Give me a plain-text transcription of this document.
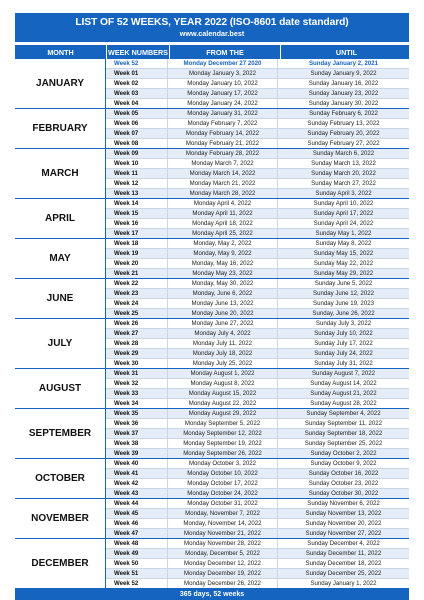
LIST OF 52 WEEKS, YEAR 2022 (ISO-8601 date standard)
www.calendar.best
MONTH	WEEK NUMBERS	FROM THE	UNTIL
JANUARY
Week 52	Monday December 27 2020	Sunday January 2, 2021
Week 01	Monday January 3, 2022	Sunday January 9, 2022
Week 02	Monday January 10, 2022	Sunday January 16, 2022
Week 03	Monday January 17, 2022	Sunday January 23, 2022
Week 04	Monday January 24, 2022	Sunday January 30, 2022
FEBRUARY
Week 05	Monday January 31, 2022	Sunday February 6, 2022
Week 06	Monday February 7, 2022	Sunday February 13, 2022
Week 07	Monday February 14, 2022	Sunday February 20, 2022
Week 08	Monday February 21, 2022	Sunday February 27, 2022
MARCH
Week 09	Monday February 28, 2022	Sunday March 6, 2022
Week 10	Monday March 7, 2022	Sunday March 13, 2022
Week 11	Monday March 14, 2022	Sunday March 20, 2022
Week 12	Monday March 21, 2022	Sunday March 27, 2022
Week 13	Monday March 28, 2022	Sunday April 3, 2022
APRIL
Week 14	Monday April 4, 2022	Sunday April 10, 2022
Week 15	Monday April 11, 2022	Sunday April 17, 2022
Week 16	Monday April 18, 2022	Sunday April 24, 2022
Week 17	Monday April 25, 2022	Sunday May 1, 2022
MAY
Week 18	Monday, May 2, 2022	Sunday May 8, 2022
Week 19	Monday, May 9, 2022	Sunday May 15, 2022
Week 20	Monday, May 16, 2022	Sunday May 22, 2022
Week 21	Monday May 23, 2022	Sunday May 29, 2022
JUNE
Week 22	Monday, May 30, 2022	Sunday June 5, 2022
Week 23	Monday, June 6, 2022	Sunday June 12, 2022
Week 24	Monday June 13, 2022	Sunday June 19, 2023
Week 25	Monday June 20, 2022	Sunday, June 26, 2022
JULY
Week 26	Monday June 27, 2022	Sunday July 3, 2022
Week 27	Monday July 4, 2022	Sunday July 10, 2022
Week 28	Monday July 11, 2022	Sunday July 17, 2022
Week 29	Monday July 18, 2022	Sunday July 24, 2022
Week 30	Monday July 25, 2022	Sunday July 31, 2022
AUGUST
Week 31	Monday August 1, 2022	Sunday August 7, 2022
Week 32	Monday August 8, 2022	Sunday August 14, 2022
Week 33	Monday August 15, 2022	Sunday August 21, 2022
Week 34	Monday August 22, 2022	Sunday August 28, 2022
SEPTEMBER
Week 35	Monday August 29, 2022	Sunday September 4, 2022
Week 36	Monday September 5, 2022	Sunday September 11, 2022
Week 37	Monday September 12, 2022	Sunday September 18, 2022
Week 38	Monday September 19, 2022	Sunday September 25, 2022
Week 39	Monday September 26, 2022	Sunday October 2, 2022
OCTOBER
Week 40	Monday October 3, 2022	Sunday October 9, 2022
Week 41	Monday October 10, 2022	Sunday October 16, 2022
Week 42	Monday October 17, 2022	Sunday October 23, 2022
Week 43	Monday October 24, 2022	Sunday October 30, 2022
NOVEMBER
Week 44	Monday October 31, 2022	Sunday November 6, 2022
Week 45	Monday, November 7, 2022	Sunday November 13, 2022
Week 46	Monday, November 14, 2022	Sunday November 20, 2022
Week 47	Monday November 21, 2022	Sunday November 27, 2022
DECEMBER
Week 48	Monday November 28, 2022	Sunday December 4, 2022
Week 49	Monday, December 5, 2022	Sunday December 11, 2022
Week 50	Monday December 12, 2022	Sunday December 18, 2022
Week 51	Monday December 19, 2022	Sunday December 25, 2022
Week 52	Monday December 26, 2022	Sunday January 1, 2022
365 days, 52 weeks
